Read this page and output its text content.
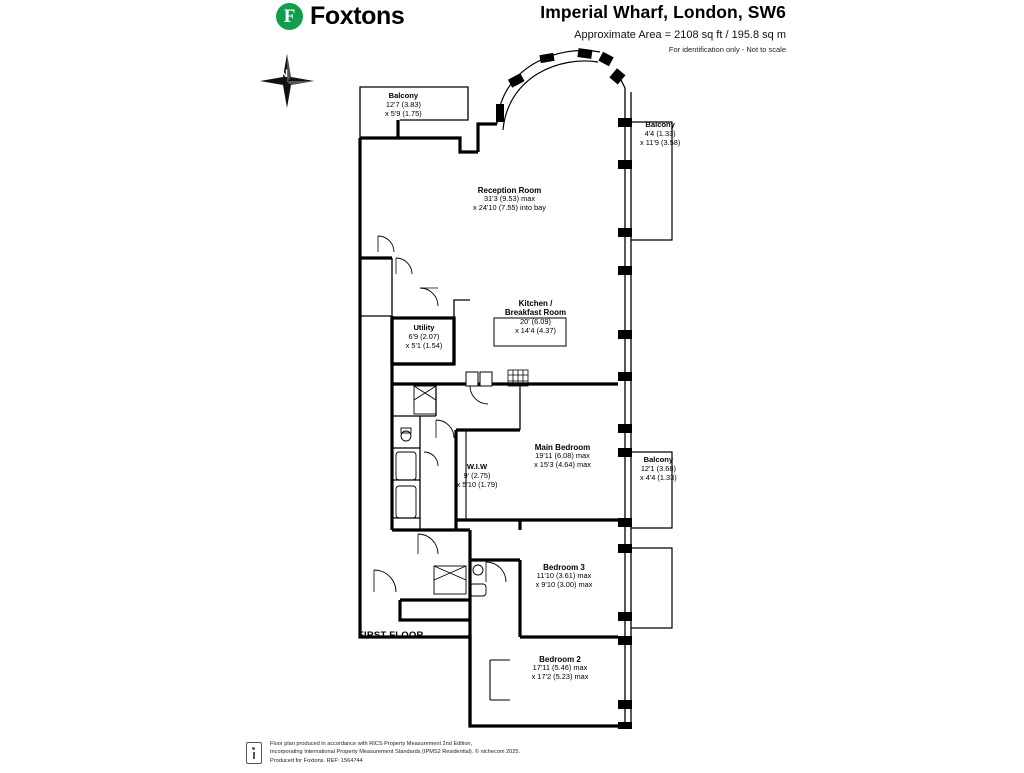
F Foxtons	Imperial Wharf, London, SW6
Approximate Area = 2108 sq ft / 195.8 sq m
For identification only - Not to scale
N
Balcony
12'7 (3.83)
x 5'9 (1.75)
Balcony
4'4 (1.33)
x 11'9 (3.58)
Reception Room
31'3 (9.53) max
x 24'10 (7.55) into bay
Kitchen /
Breakfast Room
20' (6.09)
x 14'4 (4.37)
Utility
6'9 (2.07)
x 5'1 (1.54)
Main Bedroom
19'11 (6.08) max
x 15'3 (4.64) max
W.I.W
9' (2.75)
x 5'10 (1.79)
Balcony
12'1 (3.68)
x 4'4 (1.33)
Bedroom 3
11'10 (3.61) max
x 9'10 (3.00) max
Bedroom 2
17'11 (5.46) max
x 17'2 (5.23) max
FIRST FLOOR
Floor plan produced in accordance with RICS Property Measurement 2nd Edition,
Incorporating International Property Measurement Standards (IPMS2 Residential). © nichecom 2025.
Produced for Foxtons. REF: 1564744
